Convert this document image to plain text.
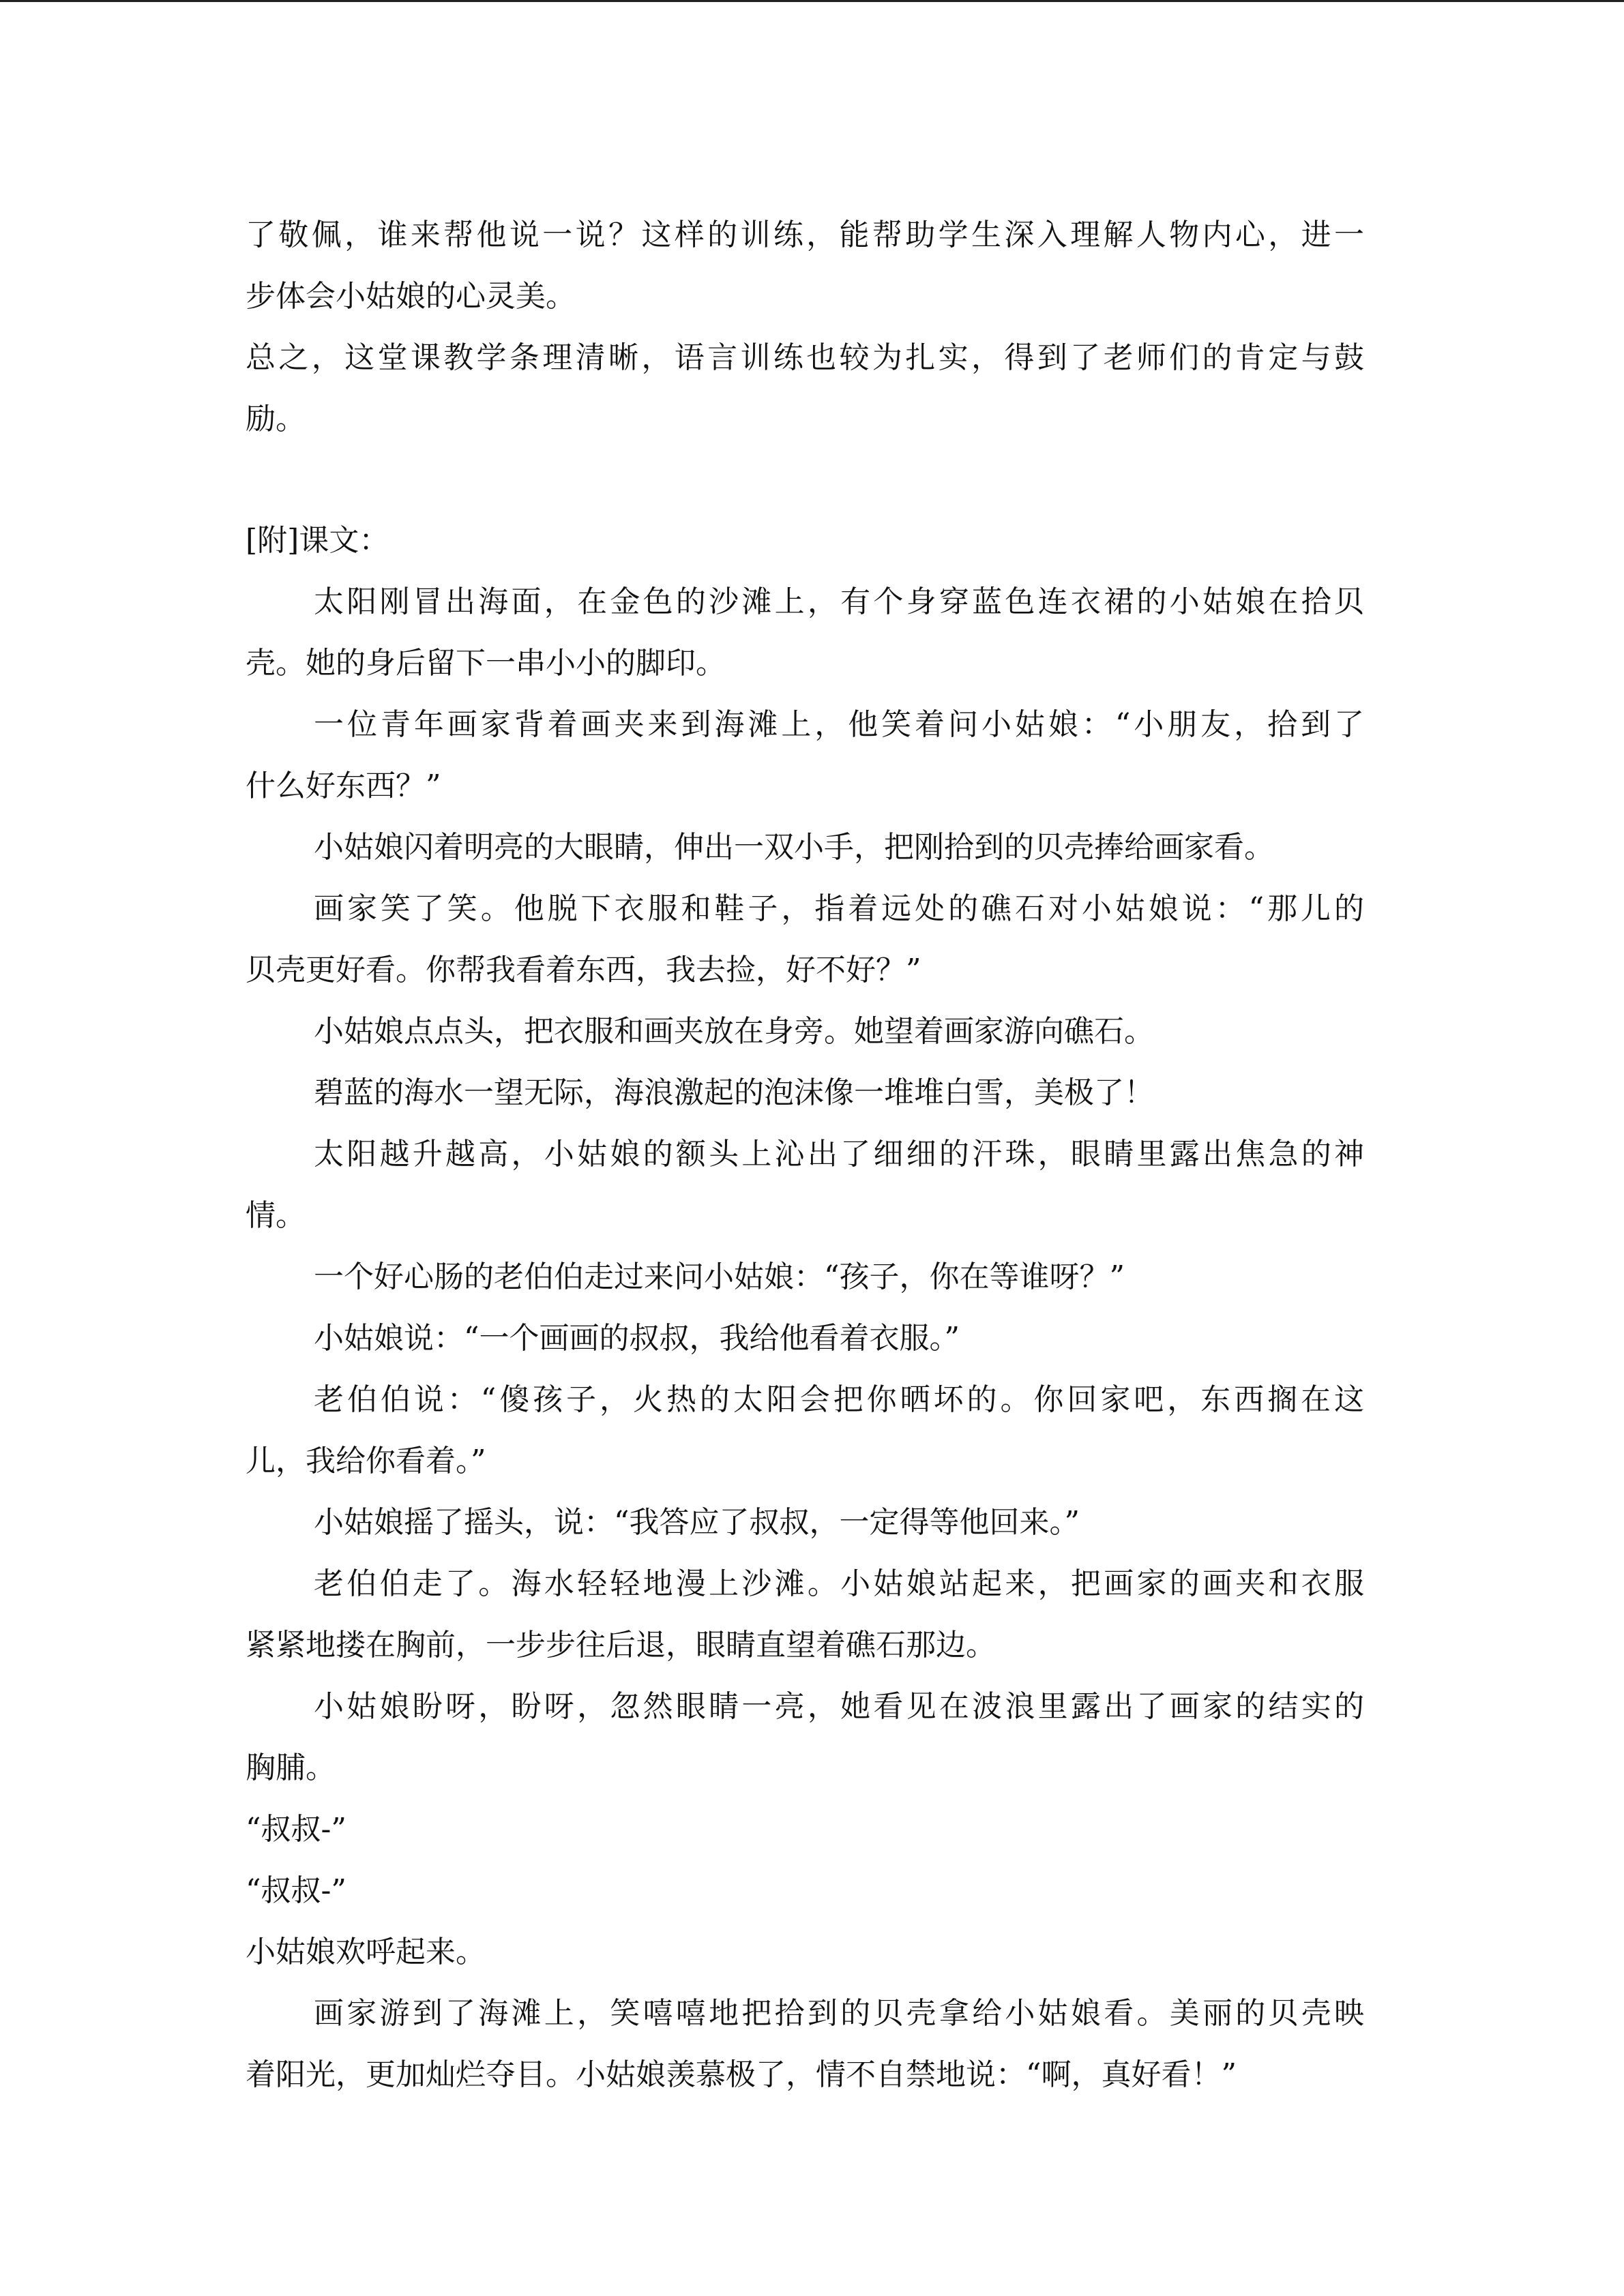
了敬佩，谁来帮他说一说？这样的训练，能帮助学生深入理解人物内心，进一

步体会小姑娘的心灵美。

总之，这堂课教学条理清晰，语言训练也较为扎实，得到了老师们的肯定与鼓

励。

[附]课文：

太阳刚冒出海面，在金色的沙滩上，有个身穿蓝色连衣裙的小姑娘在拾贝

壳。她的身后留下一串小小的脚印。

一位青年画家背着画夹来到海滩上，他笑着问小姑娘：“小朋友，拾到了

什么好东西？”

小姑娘闪着明亮的大眼睛，伸出一双小手，把刚拾到的贝壳捧给画家看。

画家笑了笑。他脱下衣服和鞋子，指着远处的礁石对小姑娘说：“那儿的

贝壳更好看。你帮我看着东西，我去捡，好不好？”

小姑娘点点头，把衣服和画夹放在身旁。她望着画家游向礁石。

碧蓝的海水一望无际，海浪激起的泡沫像一堆堆白雪，美极了！

太阳越升越高，小姑娘的额头上沁出了细细的汗珠，眼睛里露出焦急的神

情。

一个好心肠的老伯伯走过来问小姑娘：“孩子，你在等谁呀？”

小姑娘说：“一个画画的叔叔，我给他看着衣服。”

老伯伯说：“傻孩子，火热的太阳会把你晒坏的。你回家吧，东西搁在这

儿，我给你看着。”

小姑娘摇了摇头，说：“我答应了叔叔，一定得等他回来。”

老伯伯走了。海水轻轻地漫上沙滩。小姑娘站起来，把画家的画夹和衣服

紧紧地搂在胸前，一步步往后退，眼睛直望着礁石那边。

小姑娘盼呀，盼呀，忽然眼睛一亮，她看见在波浪里露出了画家的结实的

胸脯。

“叔叔-”

“叔叔-”

小姑娘欢呼起来。

画家游到了海滩上，笑嘻嘻地把拾到的贝壳拿给小姑娘看。美丽的贝壳映

着阳光，更加灿烂夺目。小姑娘羡慕极了，情不自禁地说：“啊，真好看！”
